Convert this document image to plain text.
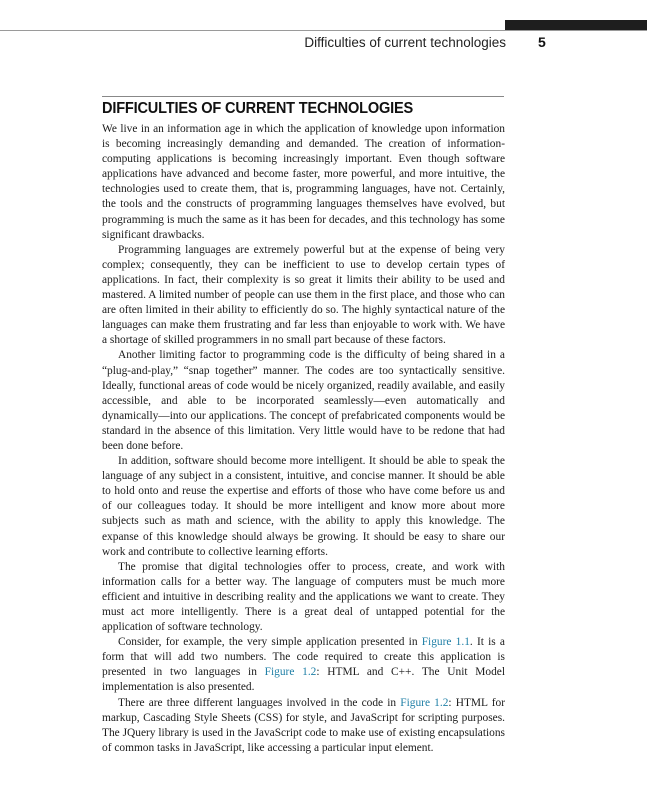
Difficulties of current technologies 5
DIFFICULTIES OF CURRENT TECHNOLOGIES

We live in an information age in which the application of knowledge upon information is becoming increasingly demanding and demanded. The creation of information-computing applications is becoming increasingly important. Even though software applications have advanced and become faster, more powerful, and more intuitive, the technologies used to create them, that is, programming languages, have not. Certainly, the tools and the constructs of programming languages themselves have evolved, but programming is much the same as it has been for decades, and this technology has some significant drawbacks.

Programming languages are extremely powerful but at the expense of being very complex; consequently, they can be inefficient to use to develop certain types of applications. In fact, their complexity is so great it limits their ability to be used and mastered. A limited number of people can use them in the first place, and those who can are often limited in their ability to efficiently do so. The highly syntactical nature of the languages can make them frustrating and far less than enjoyable to work with. We have a shortage of skilled programmers in no small part because of these factors.

Another limiting factor to programming code is the difficulty of being shared in a “plug-and-play,” “snap together” manner. The codes are too syntactically sensitive. Ideally, functional areas of code would be nicely organized, readily available, and easily accessible, and able to be incorporated seamlessly—even automatically and dynamically—into our applications. The concept of prefabricated components would be standard in the absence of this limitation. Very little would have to be redone that had been done before.

In addition, software should become more intelligent. It should be able to speak the language of any subject in a consistent, intuitive, and concise manner. It should be able to hold onto and reuse the expertise and efforts of those who have come before us and of our colleagues today. It should be more intelligent and know more about more subjects such as math and science, with the ability to apply this knowledge. The expanse of this knowledge should always be growing. It should be easy to share our work and contribute to collective learning efforts.

The promise that digital technologies offer to process, create, and work with information calls for a better way. The language of computers must be much more efficient and intuitive in describing reality and the applications we want to create. They must act more intelligently. There is a great deal of untapped potential for the application of software technology.

Consider, for example, the very simple application presented in Figure 1.1. It is a form that will add two numbers. The code required to create this application is presented in two languages in Figure 1.2: HTML and C++. The Unit Model implementation is also presented.

There are three different languages involved in the code in Figure 1.2: HTML for markup, Cascading Style Sheets (CSS) for style, and JavaScript for scripting purposes. The JQuery library is used in the JavaScript code to make use of existing encapsulations of common tasks in JavaScript, like accessing a particular input element.
